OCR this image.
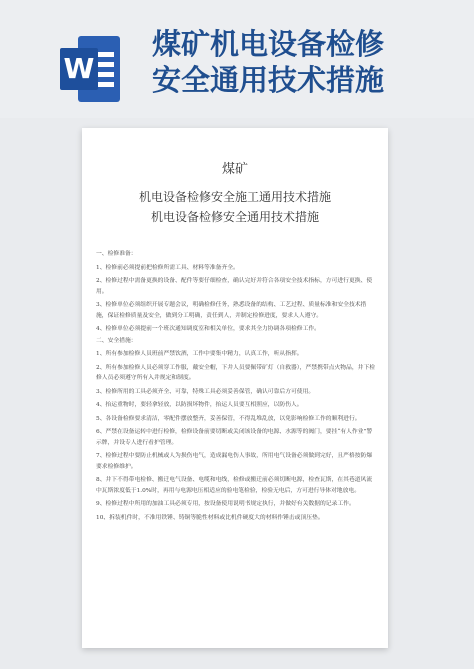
W
煤矿机电设备检修
安全通用技术措施
煤矿
机电设备检修安全施工通用技术措施
机电设备检修安全通用技术措施

一、检修准备：

1、检修前必须提前把检修所需工具、材料等准备齐全。

2、检修过程中需备更换的设备、配件等要仔细检查，确认完好并符合各项安全技术指标，方可进行更换、使用。

3、检修单位必须组织开展专题会议，明确检修任务，熟悉设备的结构、工艺过程、质量标准和安全技术措施，保证检修质量及安全，做到分工明确，责任到人，并制定检修进度，要求人人遵守。

4、检修单位必须提前一个班次通知调度室和相关单位，要求其全力协调各项检修工作。

二、安全措施：

1、所有参加检修人员班前严禁饮酒，工作中要集中精力，认真工作，听从指挥。

2、所有参加检修人员必须穿工作服，戴安全帽，下井人员要佩带矿灯（自救器），严禁携带点火物品，井下检修人员必须遵守所有入井规定和制度。

3、检修所用的工具必须齐全、可靠，特殊工具必须妥善保管，确认可靠后方可使用。

4、抬运重物时，要轻拿轻放，以防损坏物件，抬运人员要互相照应，以防伤人。

5、各设备检修要求清洁，零配件摆放整齐，妥善保管，不得乱堆乱放，以免影响检修工作的顺利进行。

6、严禁在设备运转中进行检修，检修设备前要切断或关闭该设备的电源、水源等的阀门，要挂“有人作业”警示牌，并设专人进行看护管理。

7、检修过程中要防止机械或人为损伤电气，造成漏电伤人事故，所用电气设备必须做到完好，且严格按防爆要求检修维护。

8、井下不得带电检修、搬迁电气设备、电缆和电线，检修或搬迁前必须切断电源，检查瓦斯，在其巷道风流中瓦斯浓度低于1.0%时，再用与电源电压相适应的验电笔检验，检验无电后，方可进行导体对地放电。

9、检修过程中所用的加油工具必须专用，按设备使用说明书规定执行，并做好有关数据的记录工作。

10、拆装机件时，不准用铁锤、铸铜等脆性材料或比机件硬度大的材料作锤击或顶压垫。
